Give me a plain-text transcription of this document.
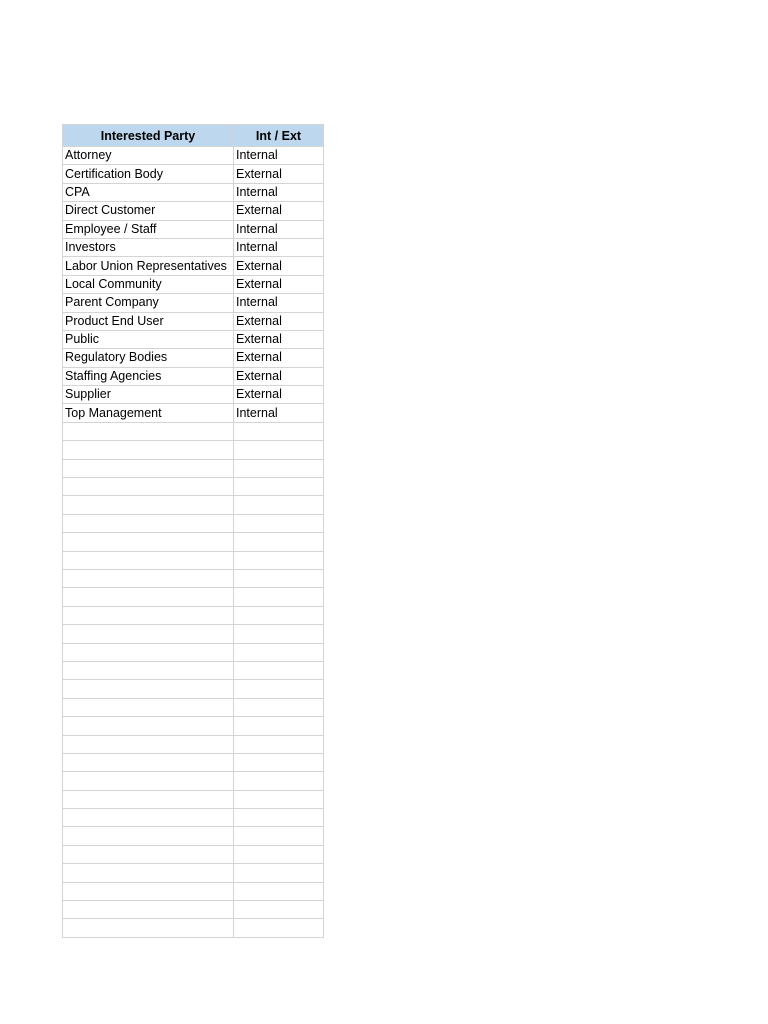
Interested Party	Int / Ext
Attorney	Internal
Certification Body	External
CPA	Internal
Direct Customer	External
Employee / Staff	Internal
Investors	Internal
Labor Union Representatives	External
Local Community	External
Parent Company	Internal
Product End User	External
Public	External
Regulatory Bodies	External
Staffing Agencies	External
Supplier	External
Top Management	Internal
